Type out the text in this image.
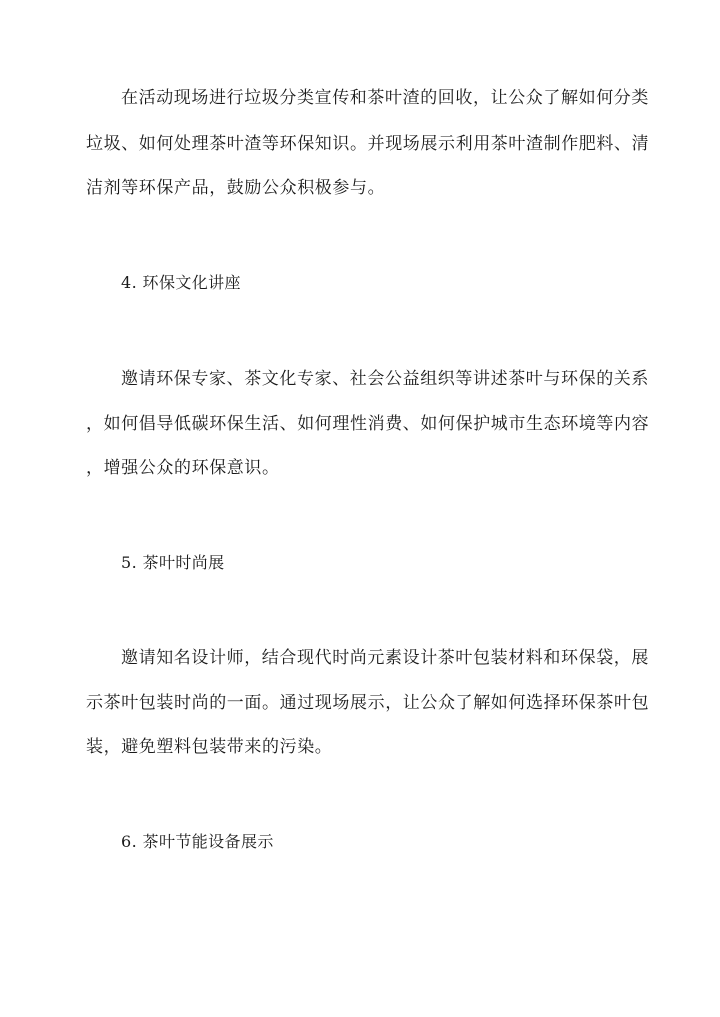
在活动现场进行垃圾分类宣传和茶叶渣的回收，让公众了解如何分类
垃圾、如何处理茶叶渣等环保知识。并现场展示利用茶叶渣制作肥料、清
洁剂等环保产品，鼓励公众积极参与。
4. 环保文化讲座
邀请环保专家、茶文化专家、社会公益组织等讲述茶叶与环保的关系
，如何倡导低碳环保生活、如何理性消费、如何保护城市生态环境等内容
，增强公众的环保意识。
5. 茶叶时尚展
邀请知名设计师，结合现代时尚元素设计茶叶包装材料和环保袋，展
示茶叶包装时尚的一面。通过现场展示，让公众了解如何选择环保茶叶包
装，避免塑料包装带来的污染。
6. 茶叶节能设备展示
